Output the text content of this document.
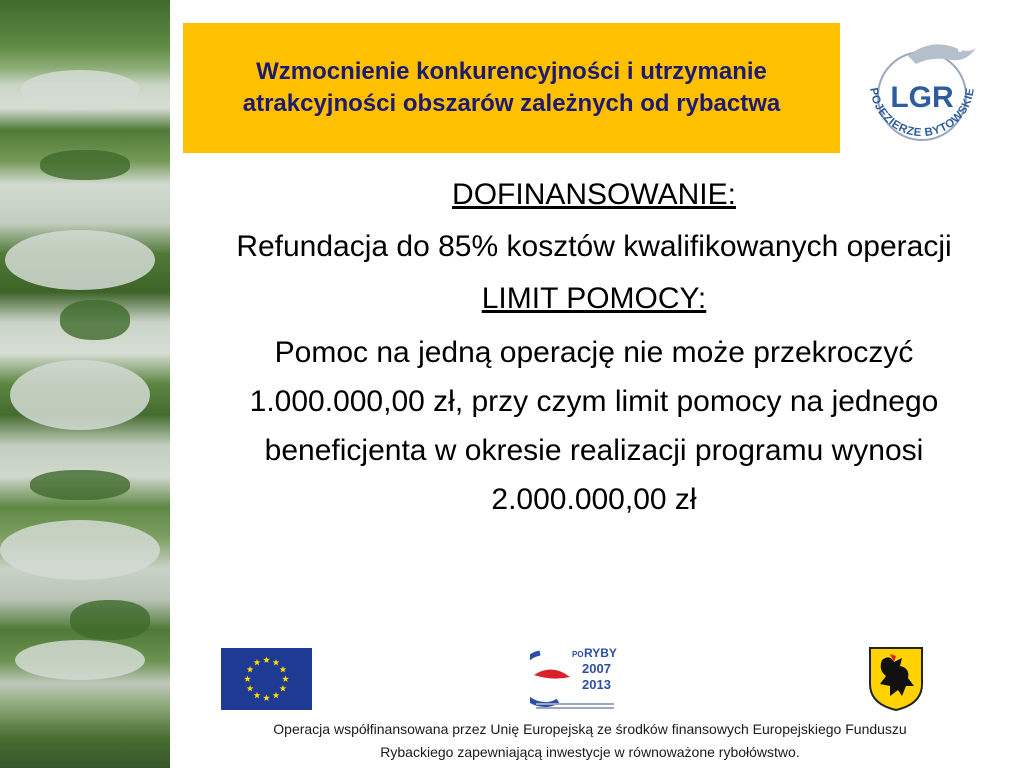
Wzmocnienie konkurencyjności i utrzymanie atrakcyjności obszarów zależnych od rybactwa	LGR
POJEZIERZE BYTOWSKIE
DOFINANSOWANIE:
Refundacja do 85% kosztów kwalifikowanych operacji
LIMIT POMOCY:
Pomoc na jedną operację nie może przekroczyć 1.000.000,00 zł, przy czym limit pomocy na jednego beneficjenta w okresie realizacji programu wynosi 2.000.000,00 zł
PO RYBY
2007
2013
Operacja współfinansowana przez Unię Europejską ze środków finansowych Europejskiego Funduszu
Rybackiego zapewniającą inwestycje w równoważone rybołówstwo.
